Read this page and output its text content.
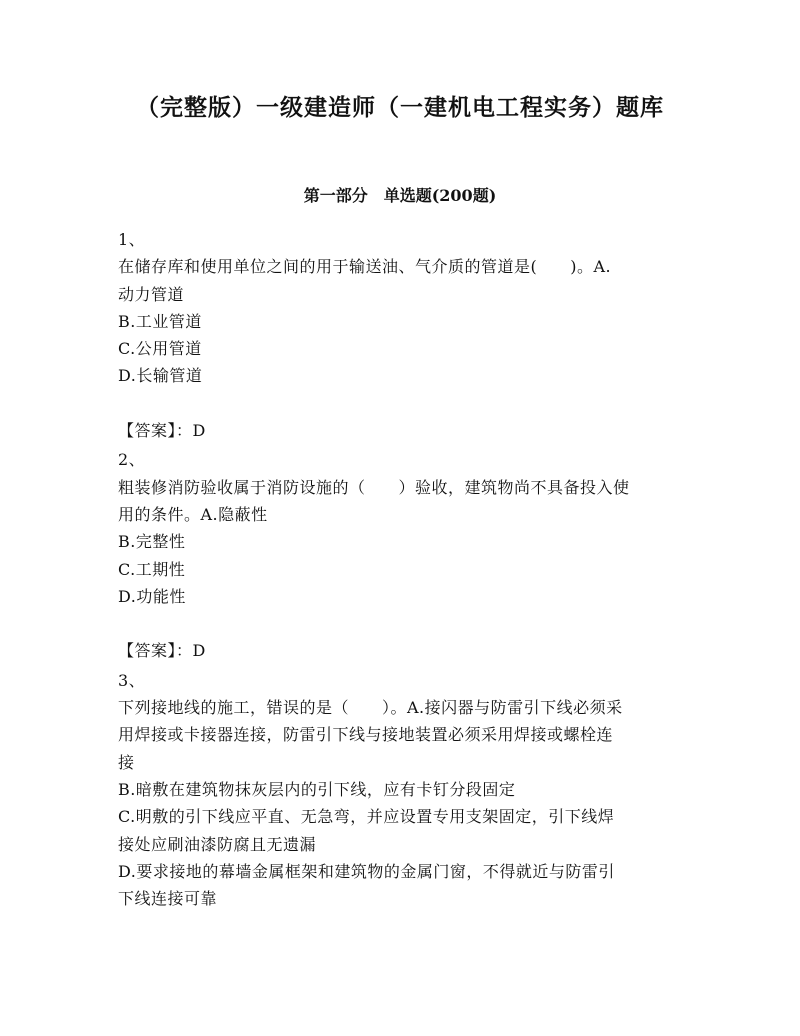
（完整版）一级建造师（一建机电工程实务）题库
第一部分　单选题(200题)
1、
在储存库和使用单位之间的用于输送油、气介质的管道是(　　)。A.
动力管道
B.工业管道
C.公用管道
D.长输管道
【答案】：D
2、
粗装修消防验收属于消防设施的（　　）验收，建筑物尚不具备投入使
用的条件。A.隐蔽性
B.完整性
C.工期性
D.功能性
【答案】：D
3、
下列接地线的施工，错误的是（　　）。A.接闪器与防雷引下线必须采
用焊接或卡接器连接，防雷引下线与接地装置必须采用焊接或螺栓连
接
B.暗敷在建筑物抹灰层内的引下线，应有卡钉分段固定
C.明敷的引下线应平直、无急弯，并应设置专用支架固定，引下线焊
接处应刷油漆防腐且无遗漏
D.要求接地的幕墙金属框架和建筑物的金属门窗，不得就近与防雷引
下线连接可靠
